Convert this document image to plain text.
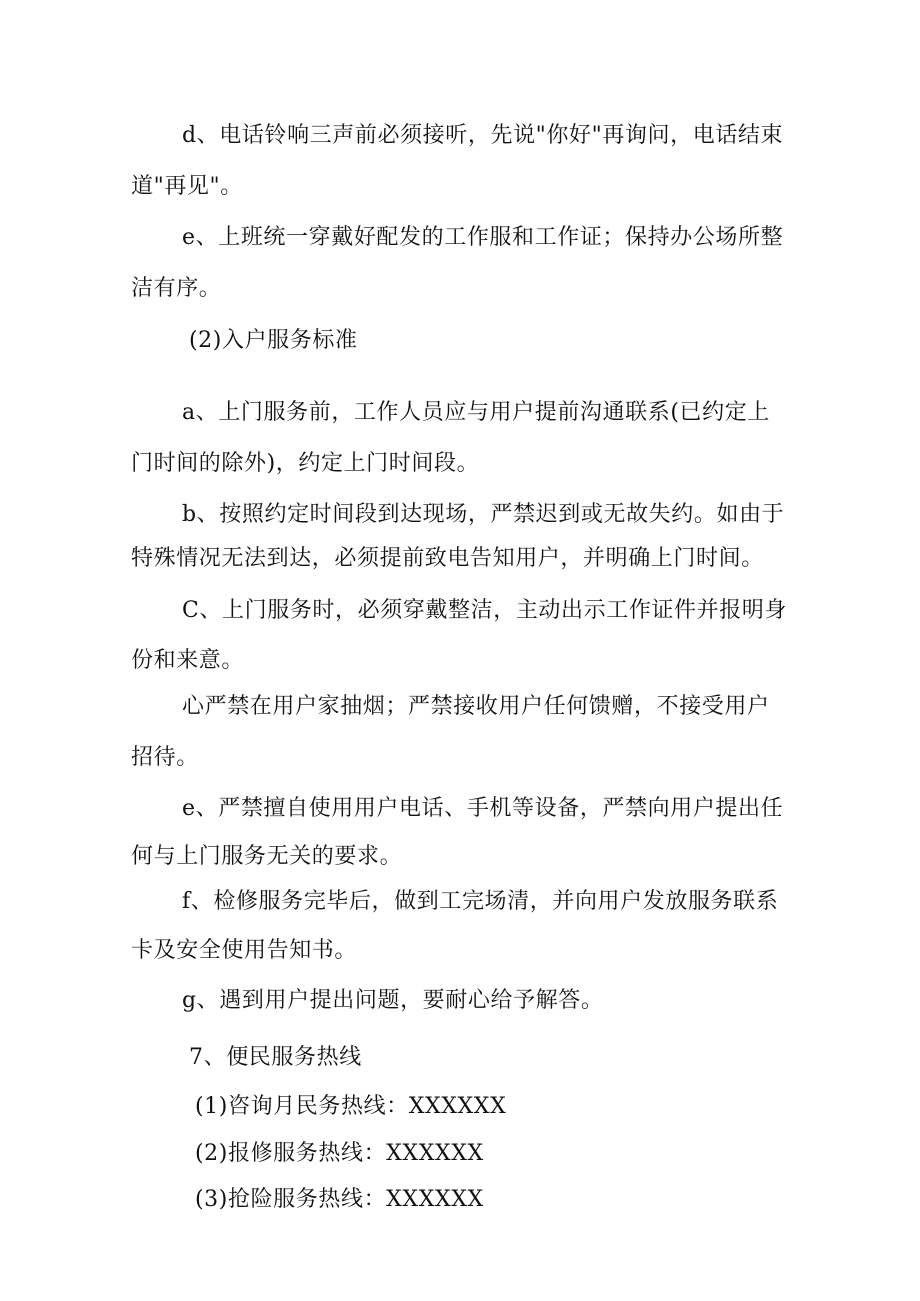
d、电话铃响三声前必须接听，先说"你好"再询问，电话结束
道"再见"。
e、上班统一穿戴好配发的工作服和工作证；保持办公场所整
洁有序。
(2)入户服务标准
a、上门服务前，工作人员应与用户提前沟通联系(已约定上
门时间的除外)，约定上门时间段。
b、按照约定时间段到达现场，严禁迟到或无故失约。如由于
特殊情况无法到达，必须提前致电告知用户，并明确上门时间。
C、上门服务时，必须穿戴整洁，主动出示工作证件并报明身
份和来意。
心严禁在用户家抽烟；严禁接收用户任何馈赠，不接受用户
招待。
e、严禁擅自使用用户电话、手机等设备，严禁向用户提出任
何与上门服务无关的要求。
f、检修服务完毕后，做到工完场清，并向用户发放服务联系
卡及安全使用告知书。
g、遇到用户提出问题，要耐心给予解答。
7、便民服务热线
(1)咨询月民务热线：XXXXXX
(2)报修服务热线：XXXXXX
(3)抢险服务热线：XXXXXX
